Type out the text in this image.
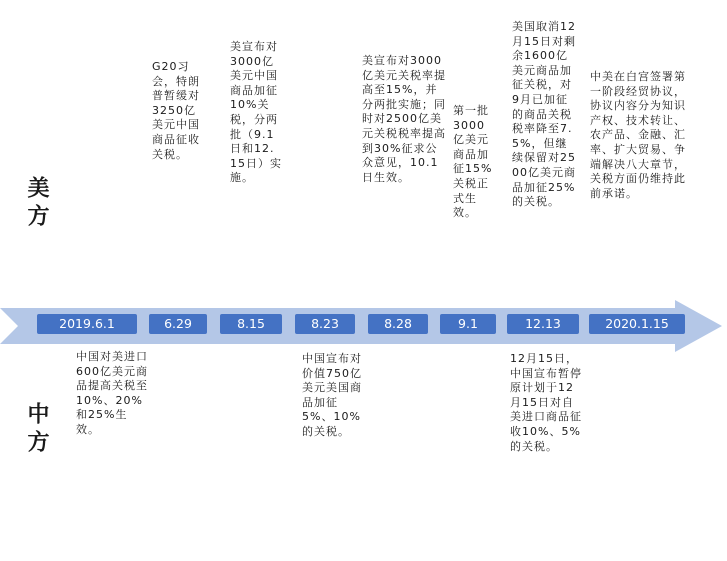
美方
中方
G20习会，特朗普暂缓对3250亿美元中国商品征收关税。
美宣布对3000亿美元中国商品加征10%关税，分两批（9.1日和12.15日）实施。
美宣布对3000亿美元关税率提高至15%，并分两批实施；同时对2500亿美元关税税率提高到30%征求公众意见，10.1日生效。
第一批3000亿美元商品加征15%关税正式生效。
美国取消12月15日对剩余1600亿美元商品加征关税，对9月已加征的商品关税税率降至7.5%，但继续保留对2500亿美元商品加征25%的关税。
中美在白宫签署第一阶段经贸协议，协议内容分为知识产权、技术转让、农产品、金融、汇率、扩大贸易、争端解决八大章节，关税方面仍维持此前承诺。
2019.6.1	6.29	8.15	8.23	8.28	9.1	12.13	2020.1.15
中国对美进口600亿美元商品提高关税至10%、20%和25%生效。
中国宣布对价值750亿美元美国商品加征5%、10%的关税。
12月15日，中国宣布暂停原计划于12月15日对自美进口商品征收10%、5%的关税。
